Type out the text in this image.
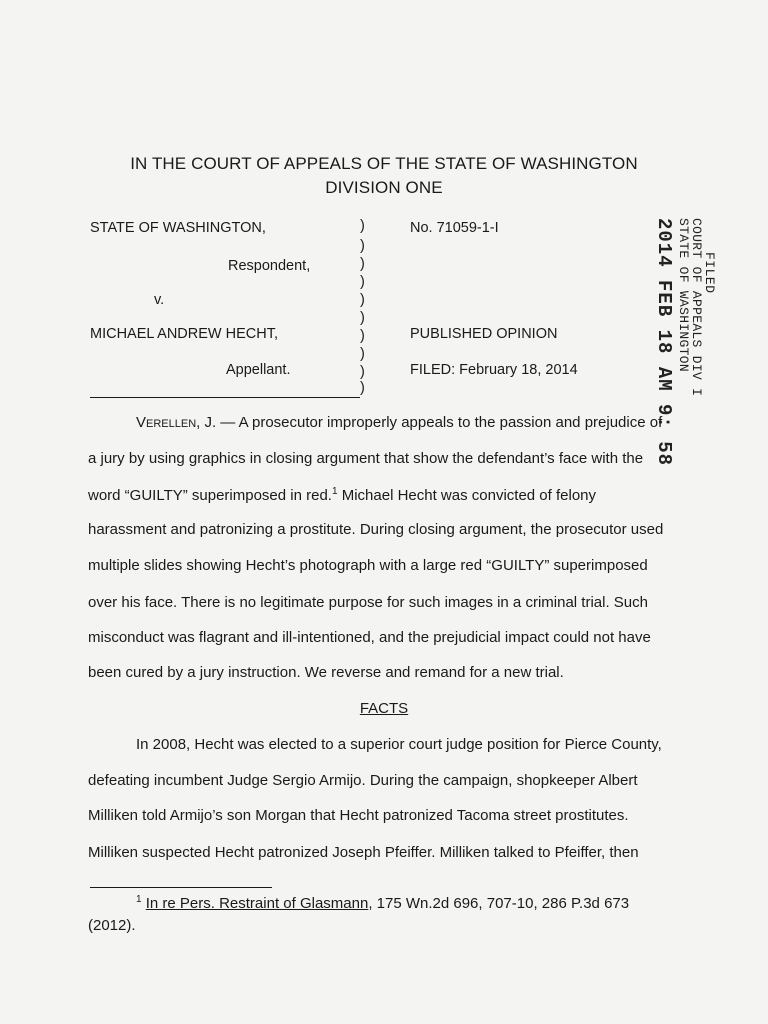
IN THE COURT OF APPEALS OF THE STATE OF WASHINGTON
DIVISION ONE
STATE OF WASHINGTON,
Respondent,
v.
MICHAEL ANDREW HECHT,
Appellant.
)
)
)
)
)
)
)
)
)
)
No. 71059-1-I
PUBLISHED OPINION
FILED: February 18, 2014
FILED
COURT OF APPEALS DIV I
STATE OF WASHINGTON
2014 FEB 18 AM 9: 58
Verellen, J. — A prosecutor improperly appeals to the passion and prejudice of
a jury by using graphics in closing argument that show the defendant’s face with the
word “GUILTY” superimposed in red.$^1$ Michael Hecht was convicted of felony
harassment and patronizing a prostitute. During closing argument, the prosecutor used
multiple slides showing Hecht’s photograph with a large red “GUILTY” superimposed
over his face. There is no legitimate purpose for such images in a criminal trial. Such
misconduct was flagrant and ill-intentioned, and the prejudicial impact could not have
been cured by a jury instruction. We reverse and remand for a new trial.
FACTS
In 2008, Hecht was elected to a superior court judge position for Pierce County,
defeating incumbent Judge Sergio Armijo. During the campaign, shopkeeper Albert
Milliken told Armijo’s son Morgan that Hecht patronized Tacoma street prostitutes.
Milliken suspected Hecht patronized Joseph Pfeiffer. Milliken talked to Pfeiffer, then
$^1$ In re Pers. Restraint of Glasmann, 175 Wn.2d 696, 707-10, 286 P.3d 673
(2012).
